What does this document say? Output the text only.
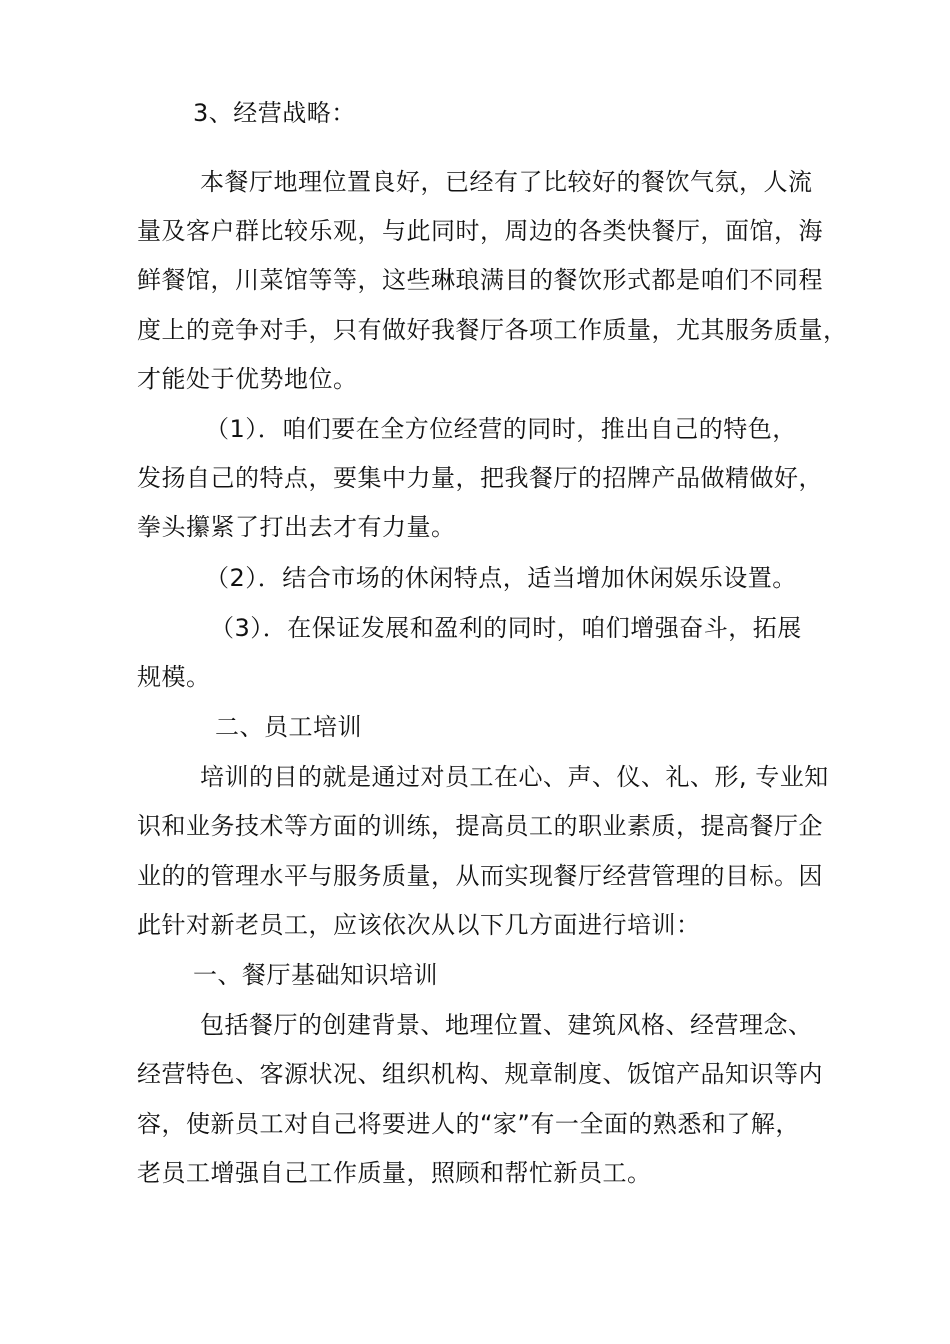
3、经营战略：

本餐厅地理位置良好，已经有了比较好的餐饮气氛，人流

量及客户群比较乐观，与此同时，周边的各类快餐厅，面馆，海

鲜餐馆，川菜馆等等，这些琳琅满目的餐饮形式都是咱们不同程

度上的竞争对手，只有做好我餐厅各项工作质量，尤其服务质量，

才能处于优势地位。

（1）．咱们要在全方位经营的同时，推出自己的特色，

发扬自己的特点，要集中力量，把我餐厅的招牌产品做精做好，

拳头攥紧了打出去才有力量。

（2）．结合市场的休闲特点，适当增加休闲娱乐设置。

（3）．在保证发展和盈利的同时，咱们增强奋斗，拓展

规模。

二、员工培训

培训的目的就是通过对员工在心、声、仪、礼、形, 专业知

识和业务技术等方面的训练，提高员工的职业素质，提高餐厅企

业的的管理水平与服务质量，从而实现餐厅经营管理的目标。因

此针对新老员工，应该依次从以下几方面进行培训：

一、餐厅基础知识培训

包括餐厅的创建背景、地理位置、建筑风格、经营理念、

经营特色、客源状况、组织机构、规章制度、饭馆产品知识等内

容，使新员工对自己将要进人的“家”有一全面的熟悉和了解，

老员工增强自己工作质量，照顾和帮忙新员工。
